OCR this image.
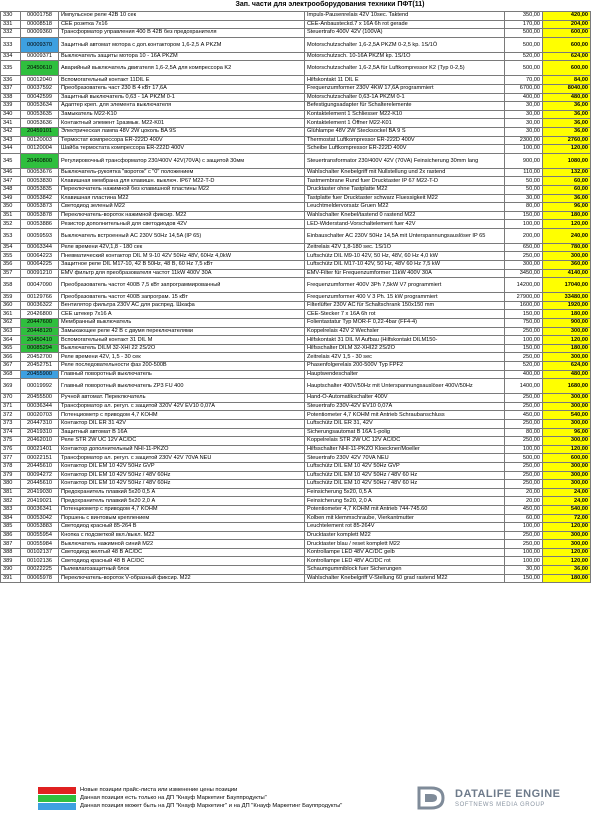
Зап. части для электрооборудования техники ПФТ(11)
330	00001758	Импульсное реле 42В 10 сек	Impuls-Pausenrelais 42V 10sec. Taktend	350,00	420,00
331	00008518	CEE розетка 7x16	CEE-Anbausteckd.7 x 16A 6h rot gerade	170,00	204,00
332	00009360	Трансформатор управления 400 В 42В без предохранителя	Steuertrafo 400V 42V (100VA)	500,00	600,00
333	00009370	Защитный автомат мотора с доп.контактором 1,6-2,5 А PKZM	Motorschutzschalter 1,6-2,5A PKZM 0-2,5 kp. 1S/1Ö	500,00	600,00
334	00009371	Выключатель защиты мотора 10 - 16А PKZM	Motorschutzsch. 10-16A PKZM kp. 1S/1Ö	520,00	624,00
335	20450610	Аварийный выключатель двигателя 1,6-2,5А для компрессора K2	Motorschutzschalter 1,6-2,5A für Luftkompressor K2 (Typ 0-2,5)	500,00	600,00
336	00012040	Вспомогательный контакт 11DIL E	Hilfskontakt 11 DIL E	70,00	84,00
337	00037592	Преобразователь част 230 В 4 кВт 17,6А	Frequenzumformer 230V 4KW 17,6A programmiert	6700,00	8040,00
338	00042599	Защитный выключатель 0,63 - 1А PKZM 0-1	Motorschutzschalter 0,63-1A PKZM 0-1	400,00	480,00
339	00053634	Адаптер креп. для элемента выключателя	Befestigungsadapter für Schalterelemente	30,00	36,00
340	00053635	Замыкатель M22-K10	Kontaktelement 1 Schliesser M22-K10	30,00	36,00
341	00053636	Контактный элемент 1размык. M22-K01	Kontaktelement 1 Öffner M22-K01	30,00	36,00
342	20459101	Электрическая лампа 48V 2W цоколь BA 9S	Glühlampe 48V 2W Stecksockel BA 9 S	30,00	36,00
343	00120003	Термостат компрессора ER-222D 400V	Thermostat Luftkompressor ER-222D 400V	2300,00	2760,00
344	00120004	Шайба термостата компрессора ER-222D 400V	Scheibe Luftkompressor ER-222D 400V	100,00	120,00
345	20460800	Регулировочный трансформатор 230/400V 42V(70VA) с защитой 30мм	Steuertransformator 230/400V 42V (70VA) Feinsicherung 30mm lang	900,00	1080,00
346	00053676	Выключатель-рукоятка "вороток" с "0" положением	Wahlschalter Knebelgriff mit Nullstellung und 2x rastend	110,00	132,00
347	00053830	Клавишная мембрана для клавишн. выключ. IP67 M22-T-D	Tastmembrane Rund fuer Drucktaster IP 67 M22-T-D	50,00	60,00
348	00053835	Переключатель нажимной без клавишной пластины M22	Drucktaster ohne Tastplatte M22	50,00	60,00
349	00053842	Клавишная пластина M22	Tastplatte fuer Drucktaster schwarz Fluessigkeit M22	30,00	36,00
350	00053873	Светодиод зеленый M22	Leuchtmeldervorsatz Gruen M22	80,00	96,00
351	00053878	Переключатель-вороток нажимной фиксир. M22	Wahlschalter Knebel/tastend 0 rastend M22	150,00	180,00
352	00053886	Резистор дополнительный для светодиодов 42V	LED-Widerstand-Vorschaltelement fuer 42V	100,00	120,00
353	00059593	Выключатель встроенный AC 230V 50Hz 14,5A (IP 65)	Einbauschalter AC 230V 50Hz 14,5A mit Unterspannungsauslöser IP 65	200,00	240,00
354	00063344	Реле времени 42V,1,8 - 180 сек	Zeitrelais 42V 1,8-180 sec. 1S/1Ö	650,00	780,00
355	00064223	Пневматический контактор DIL M 9-10 42V 50Hz 48V, 60Hz 4,0kW	Luftschütz DIL M9-10 42V, 50 Hz, 48V, 60 Hz 4,0 kW	250,00	300,00
356	00064225	Защитное реле DIL M17-10, 42 В 50Hz, 48 В, 60 Hz 7,5 кВт	Luftschütz DIL M17-10 42V, 50 Hz, 48V 60 Hz 7,5 kW	300,00	360,00
357	00091210	EMV фильтр для преобразователя частот 11kW 400V 30A	EMV-Filter für Frequenzumformer 11kW 400V 30A	3450,00	4140,00
358	00047090	Преобразователь частот 400В 7,5 кВт запрограммированный	Frequenzumformer 400V 3Ph 7,5kW V7 programmiert	14200,00	17040,00
359	00129766	Преобразователь частот 400В запрограм. 15 кВт	Frequenzumformer 400 V 3 Ph. 15 kW programmiert	27900,00	33480,00
360	00036322	Вентилятор фильтра 230V AC для распред. Шкафа	Filterlüfter 230V AC für Schaltschrank 150x150 mm	1600,00	1920,00
361	20426800	CEE штекер 7x16 A	CEE-Stecker 7 x 16A 6h rot	150,00	180,00
362	20447600	Мембранный выключатель	Folientastatur Typ MOR-F 0,22-4bar (FF4-4)	750,00	900,00
363	20448120	Замыкающее реле 42 В с двумя переключателями	Koppelrelais 42V 2 Wechsler	250,00	300,00
364	20450410	Вспомогательный контакт 31 DIL M	Hilfskontakt 31 DIL M Aufbau (Hilfskontakt DILM150-	100,00	120,00
365	00085294	Выключатель DILM 32-XHI 22 2S/2O	Hilfsschalter DILM 32-XHI22 2S/2Ö	150,00	180,00
366	20452700	Реле времени 42V, 1,5 - 30 сек	Zeitrelais 42V 1,5 - 30 sec	250,00	300,00
367	20452751	Реле последовательности фаз 200-500В	Phasenfolgerelais 200-500V Typ FPF2	520,00	624,00
368	20455900	Главный поворотный выключатель	Hauptwendeschalter	400,00	480,00
369	00019992	Главный поворотный выключатель ZP3 FU 400	Hauptschalter 400V/50Hz mit Unterspannungsauslöser 400V/50Hz	1400,00	1680,00
370	20455500	Ручной автомат. Переключатель	Hand-O-Automatikschalter 400V	250,00	300,00
371	00036344	Трансформатор ал. регул. с защитой 320V 42V EV10 0,07A	Steuertrafo 230V-42V EV10 0,07A	250,00	300,00
372	00020703	Потенциометр с приводом 4,7 KOHM	Potentiometer 4,7 KOHM mit Antrieb Schraubanschluss	450,00	540,00
373	20447310	Контактор DIL ER 31 42V	Luftschütz DIL ER 31, 42V	250,00	300,00
374	20419310	Защитный автомат В 16А	Sicherungsautomat B 16A 1-polig	80,00	96,00
375	20462010	Реле STR 2W UC 12V AC/DC	Koppelrelais STR 2W UC 12V AC/DC	250,00	300,00
376	00021401	Контактор дополнительный NHI-11-PKZO	Hilfsschalter NHI-11-PKZO Kloeckner/Moeller	100,00	120,00
377	00022151	Трансформатор ал. регул. с защитой 230V 42V 70VA NEU	Steuertrafo 230V 42V 70VA NEU	500,00	600,00
378	20445610	Контактор DIL EM 10 42V 50Hz GVP	Luftschütz DIL EM 10 42V 50Hz GVP	250,00	300,00
379	00094272	Контактор DIL EM 10 42V 50Hz / 48V 60Hz	Luftschütz DIL EM 10 42V 50Hz / 48V 60 Hz	250,00	300,00
380	20445610	Контактор DIL EM 10 42V 50Hz / 48V 60Hz	Luftschütz DIL EM 10 42V 50Hz / 48V 60 Hz	250,00	300,00
381	20419030	Предохранитель плавкий 5x20 0,5 А	Feinsicherung 5x20, 0,5 A	20,00	24,00
382	20419021	Предохранитель плавкий 5x20 2,0 А	Feinsicherung 5x20, 2,0 A	20,00	24,00
383	00036341	Потенциометр с приводом 4,7 KOHM	Potentiometer 4,7 KOHM mit Antrieb 744-745.60	450,00	540,00
384	00053042	Поршень с винтовым креплением	Kolben mit klemmschraube, Vierkantmutter	60,00	72,00
385	00053883	Светодиод красный 85-264 В	Leuchtelement rot 85-264V	100,00	120,00
386	00055954	Кнопка с подсветкой вкл./выкл. M22	Drucktaster komplett M22	250,00	300,00
387	00055984	Выключатель нажимной синий M22	Drucktaster blau / reset komplett M22	250,00	300,00
388	00102137	Светодиод желтый 48 В AC/DC	Kontrollampe LED 48V AC/DC gelb	100,00	120,00
389	00102136	Светодиод красный 48 В AC/DC	Kontrollampe LED 48V AC/DC rot	100,00	120,00
390	00022225	Пылевлагозащитный блок	Schaumgummiblock fuer Sicherungen	30,00	36,00
391	00065978	Переключатель-вороток V-образный фиксир. M22	Wahlschalter Knebelgriff V-Stellung 60 grad rastend M22	150,00	180,00
Новые позиции прайс-листа или изменение цены позиции
Данная позиция есть только на ДП "Кнауф Маркетинг Бауппродукты"
Данная позиция может быть на ДП "Кнауф Маркетинг" и на ДП "Кнауф Маркетинг Бауппродукты"
DATALIFE ENGINE
SOFTNEWS MEDIA GROUP
